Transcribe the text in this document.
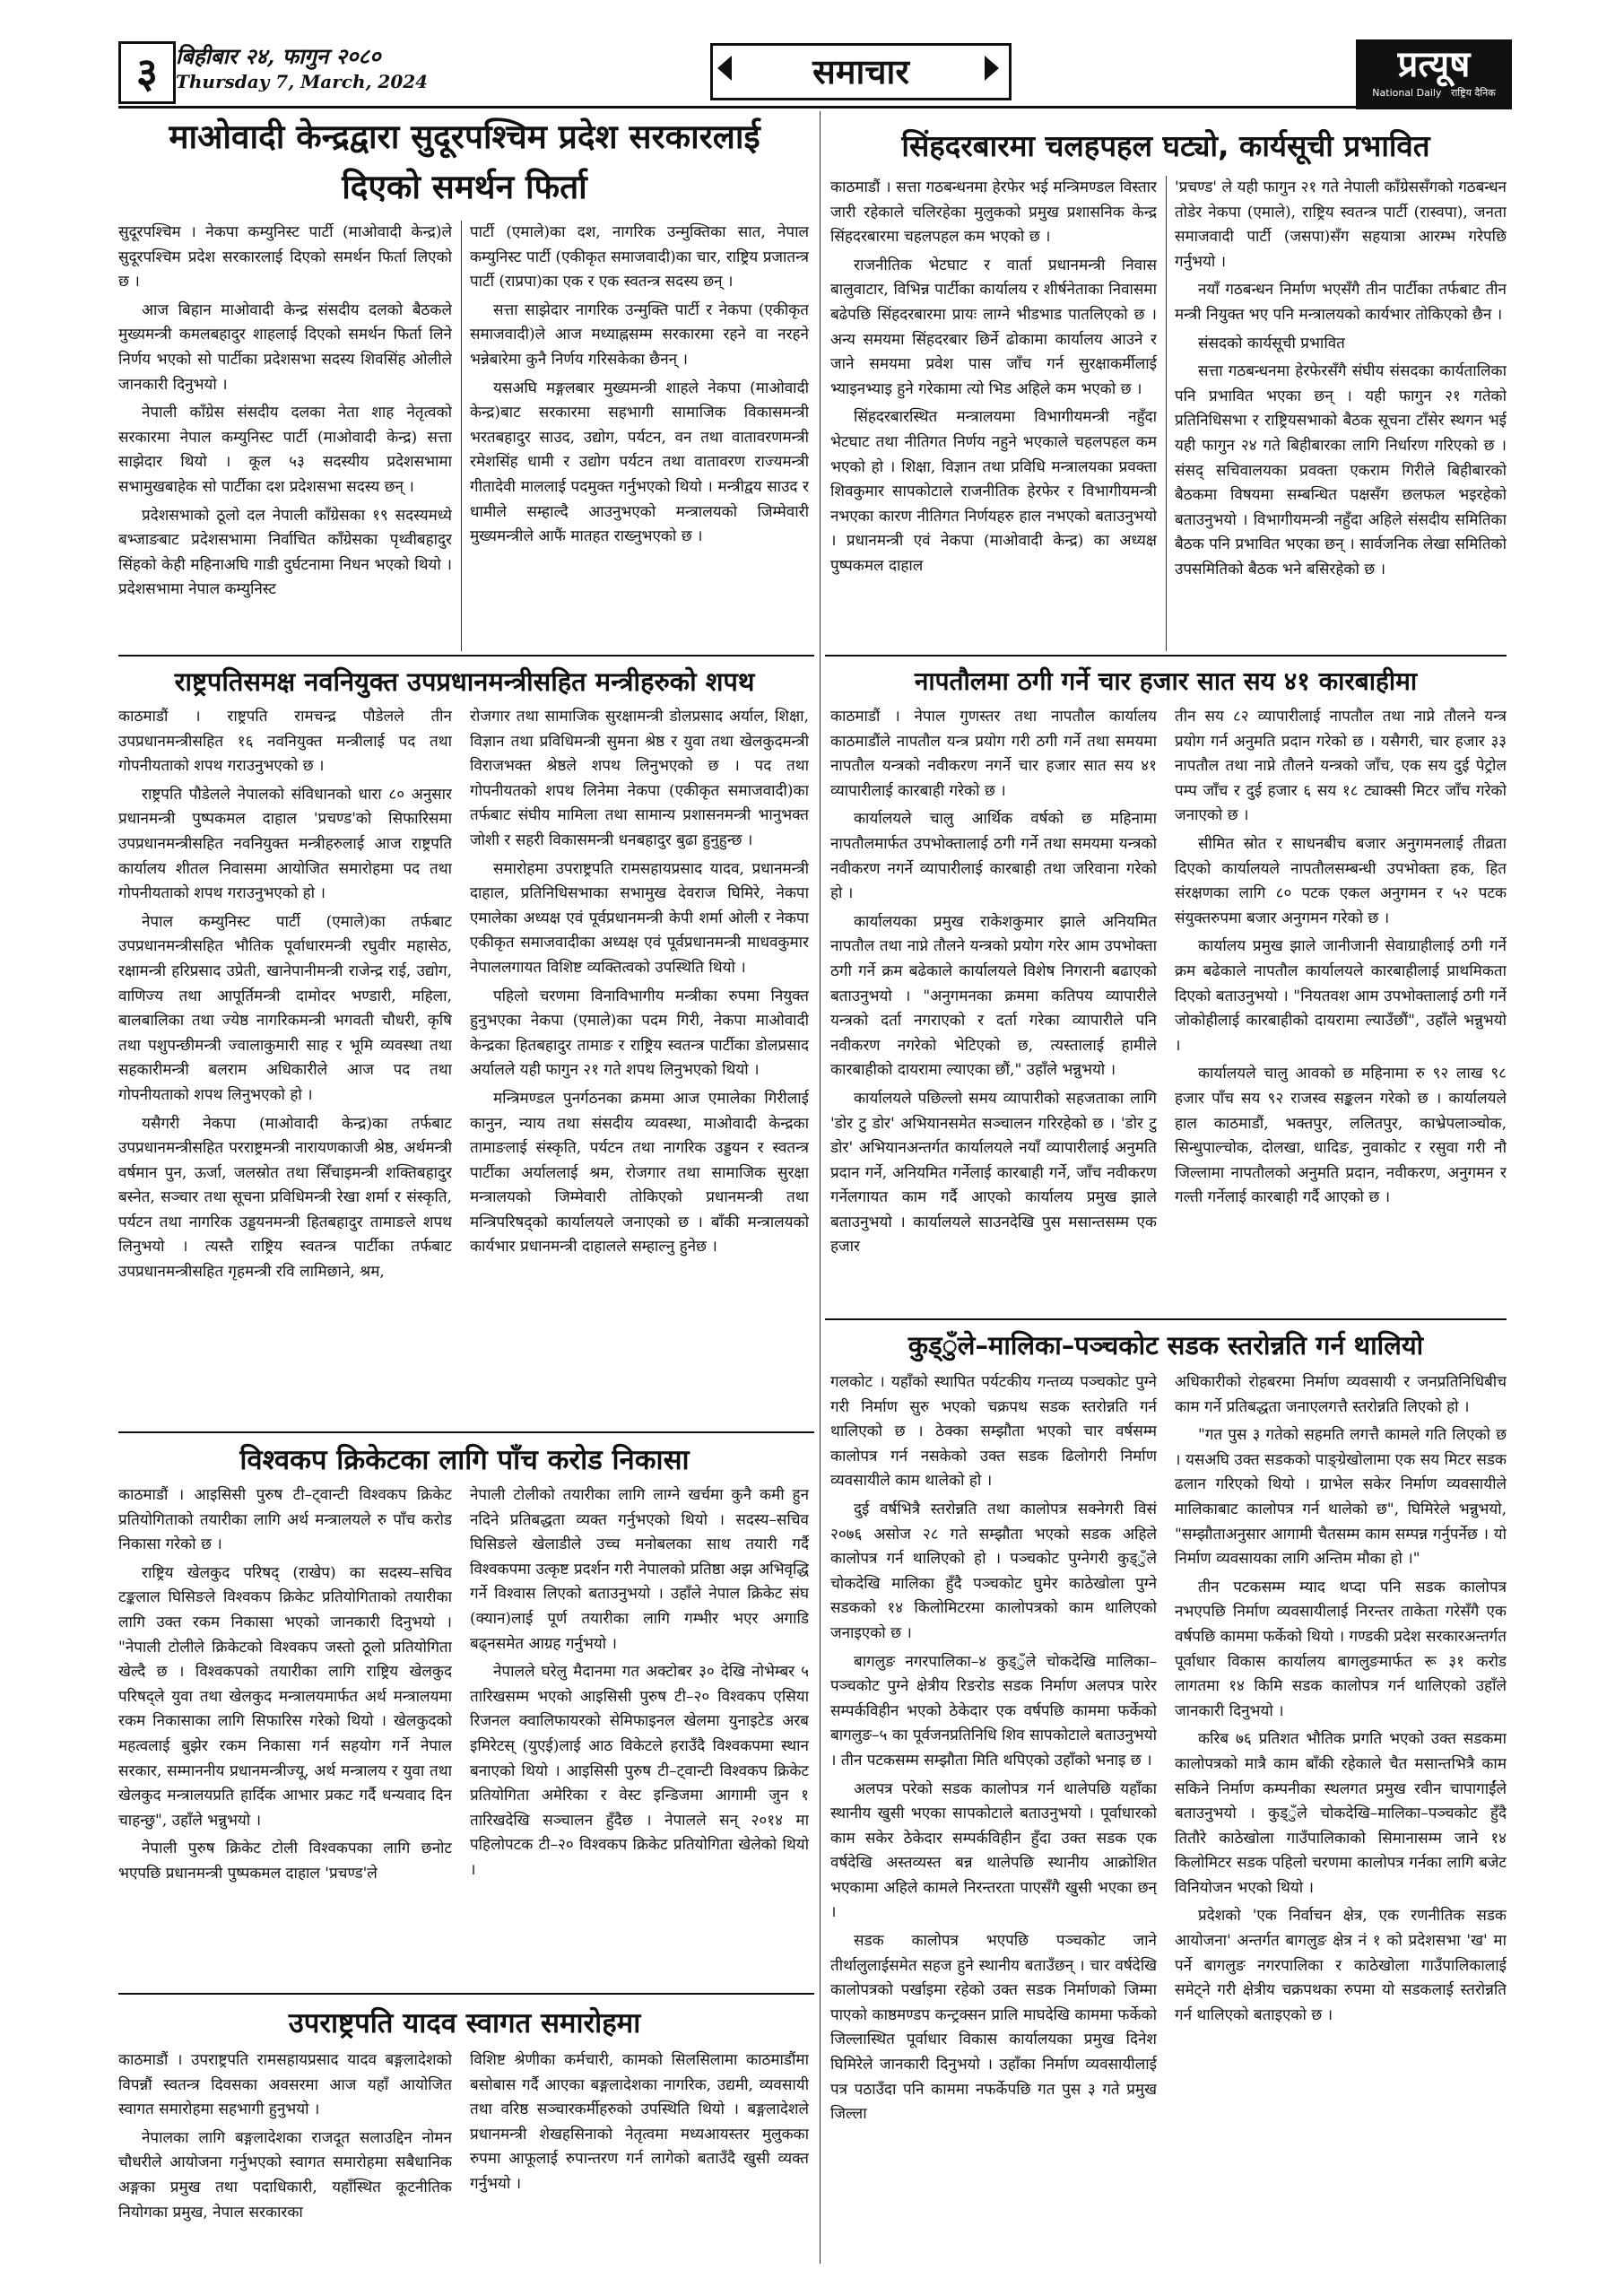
३ बिहीबार २४, फागुन २०८०
Thursday 7, March, 2024	समाचार	प्रत्यूष
National Daily राष्ट्रिय दैनिक
माओवादी केन्द्रद्वारा सुदूरपश्चिम प्रदेश सरकारलाई
दिएको समर्थन फिर्ता

सुदूरपश्चिम । नेकपा कम्युनिस्ट पार्टी (माओवादी केन्द्र)ले सुदूरपश्चिम प्रदेश सरकारलाई दिएको समर्थन फिर्ता लिएको छ ।

आज बिहान माओवादी केन्द्र संसदीय दलको बैठकले मुख्यमन्त्री कमलबहादुर शाहलाई दिएको समर्थन फिर्ता लिने निर्णय भएको सो पार्टीका प्रदेशसभा सदस्य शिवसिंह ओलीले जानकारी दिनुभयो ।

नेपाली काँग्रेस संसदीय दलका नेता शाह नेतृत्वको सरकारमा नेपाल कम्युनिस्ट पार्टी (माओवादी केन्द्र) सत्ता साझेदार थियो । कूल ५३ सदस्यीय प्रदेशसभामा सभामुखबाहेक सो पार्टीका दश प्रदेशसभा सदस्य छन् ।

प्रदेशसभाको ठूलो दल नेपाली काँग्रेसका १९ सदस्यमध्ये बभ्जाङबाट प्रदेशसभामा निर्वाचित काँग्रेसका पृथ्वीबहादुर सिंहको केही महिनाअघि गाडी दुर्घटनामा निधन भएको थियो । प्रदेशसभामा नेपाल कम्युनिस्ट

पार्टी (एमाले)का दश, नागरिक उन्मुक्तिका सात, नेपाल कम्युनिस्ट पार्टी (एकीकृत समाजवादी)का चार, राष्ट्रिय प्रजातन्त्र पार्टी (राप्रपा)का एक र एक स्वतन्त्र सदस्य छन् ।

सत्ता साझेदार नागरिक उन्मुक्ति पार्टी र नेकपा (एकीकृत समाजवादी)ले आज मध्याह्नसम्म सरकारमा रहने वा नरहने भन्नेबारेमा कुनै निर्णय गरिसकेका छैनन् ।

यसअघि मङ्गलबार मुख्यमन्त्री शाहले नेकपा (माओवादी केन्द्र)बाट सरकारमा सहभागी सामाजिक विकासमन्त्री भरतबहादुर साउद, उद्योग, पर्यटन, वन तथा वातावरणमन्त्री रमेशसिंह धामी र उद्योग पर्यटन तथा वातावरण राज्यमन्त्री गीतादेवी माललाई पदमुक्त गर्नुभएको थियो । मन्त्रीद्वय साउद र धामीले सम्हाल्दै आउनुभएको मन्त्रालयको जिम्मेवारी मुख्यमन्त्रीले आफैं मातहत राख्नुभएको छ ।

सिंहदरबारमा चलहपहल घट्यो, कार्यसूची प्रभावित

काठमाडौं । सत्ता गठबन्धनमा हेरफेर भई मन्त्रिमण्डल विस्तार जारी रहेकाले चलिरहेका मुलुकको प्रमुख प्रशासनिक केन्द्र सिंहदरबारमा चहलपहल कम भएको छ ।

राजनीतिक भेटघाट र वार्ता प्रधानमन्त्री निवास बालुवाटार, विभिन्न पार्टीका कार्यालय र शीर्षनेताका निवासमा बढेपछि सिंहदरबारमा प्रायः लाग्ने भीडभाड पातलिएको छ । अन्य समयमा सिंहदरबार छिर्ने ढोकामा कार्यालय आउने र जाने समयमा प्रवेश पास जाँच गर्न सुरक्षाकर्मीलाई भ्याइनभ्याइ हुने गरेकामा त्यो भिड अहिले कम भएको छ ।

सिंहदरबारस्थित मन्त्रालयमा विभागीयमन्त्री नहुँदा भेटघाट तथा नीतिगत निर्णय नहुने भएकाले चहलपहल कम भएको हो । शिक्षा, विज्ञान तथा प्रविधि मन्त्रालयका प्रवक्ता शिवकुमार सापकोटाले राजनीतिक हेरफेर र विभागीयमन्त्री नभएका कारण नीतिगत निर्णयहरु हाल नभएको बताउनुभयो । प्रधानमन्त्री एवं नेकपा (माओवादी केन्द्र) का अध्यक्ष पुष्पकमल दाहाल

'प्रचण्ड' ले यही फागुन २१ गते नेपाली काँग्रेससँगको गठबन्धन तोडेर नेकपा (एमाले), राष्ट्रिय स्वतन्त्र पार्टी (रास्वपा), जनता समाजवादी पार्टी (जसपा)सँग सहयात्रा आरम्भ गरेपछि गर्नुभयो ।

नयाँ गठबन्धन निर्माण भएसँगै तीन पार्टीका तर्फबाट तीन मन्त्री नियुक्त भए पनि मन्त्रालयको कार्यभार तोकिएको छैन ।

संसदको कार्यसूची प्रभावित

सत्ता गठबन्धनमा हेरफेरसँगै संघीय संसदका कार्यतालिका पनि प्रभावित भएका छन् । यही फागुन २१ गतेको प्रतिनिधिसभा र राष्ट्रियसभाको बैठक सूचना टाँसेर स्थगन भई यही फागुन २४ गते बिहीबारका लागि निर्धारण गरिएको छ । संसद् सचिवालयका प्रवक्ता एकराम गिरीले बिहीबारको बैठकमा विषयमा सम्बन्धित पक्षसँग छलफल भइरहेको बताउनुभयो । विभागीयमन्त्री नहुँदा अहिले संसदीय समितिका बैठक पनि प्रभावित भएका छन् । सार्वजनिक लेखा समितिको उपसमितिको बैठक भने बसिरहेको छ ।

राष्ट्रपतिसमक्ष नवनियुक्त उपप्रधानमन्त्रीसहित मन्त्रीहरुको शपथ

काठमाडौं । राष्ट्रपति रामचन्द्र पौडेलले तीन उपप्रधानमन्त्रीसहित १६ नवनियुक्त मन्त्रीलाई पद तथा गोपनीयताको शपथ गराउनुभएको छ ।

राष्ट्रपति पौडेलले नेपालको संविधानको धारा ८० अनुसार प्रधानमन्त्री पुष्पकमल दाहाल 'प्रचण्ड'को सिफारिसमा उपप्रधानमन्त्रीसहित नवनियुक्त मन्त्रीहरुलाई आज राष्ट्रपति कार्यालय शीतल निवासमा आयोजित समारोहमा पद तथा गोपनीयताको शपथ गराउनुभएको हो ।

नेपाल कम्युनिस्ट पार्टी (एमाले)का तर्फबाट उपप्रधानमन्त्रीसहित भौतिक पूर्वाधारमन्त्री रघुवीर महासेठ, रक्षामन्त्री हरिप्रसाद उप्रेती, खानेपानीमन्त्री राजेन्द्र राई, उद्योग, वाणिज्य तथा आपूर्तिमन्त्री दामोदर भण्डारी, महिला, बालबालिका तथा ज्येष्ठ नागरिकमन्त्री भगवती चौधरी, कृषि तथा पशुपन्छीमन्त्री ज्वालाकुमारी साह र भूमि व्यवस्था तथा सहकारीमन्त्री बलराम अधिकारीले आज पद तथा गोपनीयताको शपथ लिनुभएको हो ।

यसैगरी नेकपा (माओवादी केन्द्र)का तर्फबाट उपप्रधानमन्त्रीसहित परराष्ट्रमन्त्री नारायणकाजी श्रेष्ठ, अर्थमन्त्री वर्षमान पुन, ऊर्जा, जलस्रोत तथा सिँचाइमन्त्री शक्तिबहादुर बस्नेत, सञ्चार तथा सूचना प्रविधिमन्त्री रेखा शर्मा र संस्कृति, पर्यटन तथा नागरिक उड्डयनमन्त्री हितबहादुर तामाङले शपथ लिनुभयो । त्यस्तै राष्ट्रिय स्वतन्त्र पार्टीका तर्फबाट उपप्रधानमन्त्रीसहित गृहमन्त्री रवि लामिछाने, श्रम,

रोजगार तथा सामाजिक सुरक्षामन्त्री डोलप्रसाद अर्याल, शिक्षा, विज्ञान तथा प्रविधिमन्त्री सुमना श्रेष्ठ र युवा तथा खेलकुदमन्त्री विराजभक्त श्रेष्ठले शपथ लिनुभएको छ । पद तथा गोपनीयतको शपथ लिनेमा नेकपा (एकीकृत समाजवादी)का तर्फबाट संघीय मामिला तथा सामान्य प्रशासनमन्त्री भानुभक्त जोशी र सहरी विकासमन्त्री धनबहादुर बुढा हुनुहुन्छ ।

समारोहमा उपराष्ट्रपति रामसहायप्रसाद यादव, प्रधानमन्त्री दाहाल, प्रतिनिधिसभाका सभामुख देवराज घिमिरे, नेकपा एमालेका अध्यक्ष एवं पूर्वप्रधानमन्त्री केपी शर्मा ओली र नेकपा एकीकृत समाजवादीका अध्यक्ष एवं पूर्वप्रधानमन्त्री माधवकुमार नेपाललगायत विशिष्ट व्यक्तित्वको उपस्थिति थियो ।

पहिलो चरणमा विनाविभागीय मन्त्रीका रुपमा नियुक्त हुनुभएका नेकपा (एमाले)का पदम गिरी, नेकपा माओवादी केन्द्रका हितबहादुर तामाङ र राष्ट्रिय स्वतन्त्र पार्टीका डोलप्रसाद अर्यालले यही फागुन २१ गते शपथ लिनुभएको थियो ।

मन्त्रिमण्डल पुनर्गठनका क्रममा आज एमालेका गिरीलाई कानुन, न्याय तथा संसदीय व्यवस्था, माओवादी केन्द्रका तामाङलाई संस्कृति, पर्यटन तथा नागरिक उड्डयन र स्वतन्त्र पार्टीका अर्याललाई श्रम, रोजगार तथा सामाजिक सुरक्षा मन्त्रालयको जिम्मेवारी तोकिएको प्रधानमन्त्री तथा मन्त्रिपरिषद्को कार्यालयले जनाएको छ । बाँकी मन्त्रालयको कार्यभार प्रधानमन्त्री दाहालले सम्हाल्नु हुनेछ ।

विश्वकप क्रिकेटका लागि पाँच करोड निकासा

काठमाडौं । आइसिसी पुरुष टी–ट्वान्टी विश्वकप क्रिकेट प्रतियोगिताको तयारीका लागि अर्थ मन्त्रालयले रु पाँच करोड निकासा गरेको छ ।

राष्ट्रिय खेलकुद परिषद् (राखेप) का सदस्य–सचिव टङ्कलाल घिसिङले विश्वकप क्रिकेट प्रतियोगिताको तयारीका लागि उक्त रकम निकासा भएको जानकारी दिनुभयो । "नेपाली टोलीले क्रिकेटको विश्वकप जस्तो ठूलो प्रतियोगिता खेल्दै छ । विश्वकपको तयारीका लागि राष्ट्रिय खेलकुद परिषद्ले युवा तथा खेलकुद मन्त्रालयमार्फत अर्थ मन्त्रालयमा रकम निकासाका लागि सिफारिस गरेको थियो । खेलकुदको महत्वलाई बुझेर रकम निकासा गर्न सहयोग गर्ने नेपाल सरकार, सम्माननीय प्रधानमन्त्रीज्यू, अर्थ मन्त्रालय र युवा तथा खेलकुद मन्त्रालयप्रति हार्दिक आभार प्रकट गर्दै धन्यवाद दिन चाहन्छु", उहाँले भन्नुभयो ।

नेपाली पुरुष क्रिकेट टोली विश्वकपका लागि छनोट भएपछि प्रधानमन्त्री पुष्पकमल दाहाल 'प्रचण्ड'ले

नेपाली टोलीको तयारीका लागि लाग्ने खर्चमा कुनै कमी हुन नदिने प्रतिबद्धता व्यक्त गर्नुभएको थियो । सदस्य–सचिव घिसिङले खेलाडीले उच्च मनोबलका साथ तयारी गर्दै विश्वकपमा उत्कृष्ट प्रदर्शन गरी नेपालको प्रतिष्ठा अझ अभिवृद्धि गर्ने विश्वास लिएको बताउनुभयो । उहाँले नेपाल क्रिकेट संघ (क्यान)लाई पूर्ण तयारीका लागि गम्भीर भएर अगाडि बढ्नसमेत आग्रह गर्नुभयो ।

नेपालले घरेलु मैदानमा गत अक्टोबर ३० देखि नोभेम्बर ५ तारिखसम्म भएको आइसिसी पुरुष टी–२० विश्वकप एसिया रिजनल क्वालिफायरको सेमिफाइनल खेलमा युनाइटेड अरब इमिरेटस् (युएई)लाई आठ विकेटले हराउँदै विश्वकपमा स्थान बनाएको थियो । आइसिसी पुरुष टी–ट्वान्टी विश्वकप क्रिकेट प्रतियोगिता अमेरिका र वेस्ट इन्डिजमा आगामी जुन १ तारिखदेखि सञ्चालन हुँदैछ । नेपालले सन् २०१४ मा पहिलोपटक टी–२० विश्वकप क्रिकेट प्रतियोगिता खेलेको थियो ।

उपराष्ट्रपति यादव स्वागत समारोहमा

काठमाडौं । उपराष्ट्रपति रामसहायप्रसाद यादव बङ्गलादेशको विपन्नौं स्वतन्त्र दिवसका अवसरमा आज यहाँ आयोजित स्वागत समारोहमा सहभागी हुनुभयो ।

नेपालका लागि बङ्गलादेशका राजदूत सलाउद्दिन नोमन चौधरीले आयोजना गर्नुभएको स्वागत समारोहमा सबैधानिक अङ्गका प्रमुख तथा पदाधिकारी, यहाँस्थित कूटनीतिक नियोगका प्रमुख, नेपाल सरकारका

विशिष्ट श्रेणीका कर्मचारी, कामको सिलसिलामा काठमाडौंमा बसोबास गर्दै आएका बङ्गलादेशका नागरिक, उद्यमी, व्यवसायी तथा वरिष्ठ सञ्चारकर्मीहरुको उपस्थिति थियो । बङ्गलादेशले प्रधानमन्त्री शेखहसिनाको नेतृत्वमा मध्यआयस्तर मुलुकका रुपमा आफूलाई रुपान्तरण गर्न लागेको बताउँदै खुसी व्यक्त गर्नुभयो ।

नापतौलमा ठगी गर्ने चार हजार सात सय ४१ कारबाहीमा

काठमाडौं । नेपाल गुणस्तर तथा नापतौल कार्यालय काठमाडौंले नापतौल यन्त्र प्रयोग गरी ठगी गर्ने तथा समयमा नापतौल यन्त्रको नवीकरण नगर्ने चार हजार सात सय ४१ व्यापारीलाई कारबाही गरेको छ ।

कार्यालयले चालु आर्थिक वर्षको छ महिनामा नापतौलमार्फत उपभोक्तालाई ठगी गर्ने तथा समयमा यन्त्रको नवीकरण नगर्ने व्यापारीलाई कारबाही तथा जरिवाना गरेको हो ।

कार्यालयका प्रमुख राकेशकुमार झाले अनियमित नापतौल तथा नाप्ने तौलने यन्त्रको प्रयोग गरेर आम उपभोक्ता ठगी गर्ने क्रम बढेकाले कार्यालयले विशेष निगरानी बढाएको बताउनुभयो । "अनुगमनका क्रममा कतिपय व्यापारीले यन्त्रको दर्ता नगराएको र दर्ता गरेका व्यापारीले पनि नवीकरण नगरेको भेटिएको छ, त्यस्तालाई हामीले कारबाहीको दायरामा ल्याएका छौं," उहाँले भन्नुभयो ।

कार्यालयले पछिल्लो समय व्यापारीको सहजताका लागि 'डोर टु डोर' अभियानसमेत सञ्चालन गरिरहेको छ । 'डोर टु डोर' अभियानअन्तर्गत कार्यालयले नयाँ व्यापारीलाई अनुमति प्रदान गर्ने, अनियमित गर्नेलाई कारबाही गर्ने, जाँच नवीकरण गर्नेलगायत काम गर्दै आएको कार्यालय प्रमुख झाले बताउनुभयो । कार्यालयले साउनदेखि पुस मसान्तसम्म एक हजार

तीन सय ८२ व्यापारीलाई नापतौल तथा नाप्ने तौलने यन्त्र प्रयोग गर्न अनुमति प्रदान गरेको छ । यसैगरी, चार हजार ३३ नापतौल तथा नाप्ने तौलने यन्त्रको जाँच, एक सय दुई पेट्रोल पम्प जाँच र दुई हजार ६ सय १८ ट्याक्सी मिटर जाँच गरेको जनाएको छ ।

सीमित स्रोत र साधनबीच बजार अनुगमनलाई तीव्रता दिएको कार्यालयले नापतौलसम्बन्धी उपभोक्ता हक, हित संरक्षणका लागि ८० पटक एकल अनुगमन र ५२ पटक संयुक्तरुपमा बजार अनुगमन गरेको छ ।

कार्यालय प्रमुख झाले जानीजानी सेवाग्राहीलाई ठगी गर्ने क्रम बढेकाले नापतौल कार्यालयले कारबाहीलाई प्राथमिकता दिएको बताउनुभयो । "नियतवश आम उपभोक्तालाई ठगी गर्ने जोकोहीलाई कारबाहीको दायरामा ल्याउँछौं", उहाँले भन्नुभयो ।

कार्यालयले चालु आवको छ महिनामा रु ९२ लाख ९८ हजार पाँच सय ९२ राजस्व सङ्कलन गरेको छ । कार्यालयले हाल काठमाडौं, भक्तपुर, ललितपुर, काभ्रेपलाञ्चोक, सिन्धुपाल्चोक, दोलखा, धादिङ, नुवाकोट र रसुवा गरी नौ जिल्लामा नापतौलको अनुमति प्रदान, नवीकरण, अनुगमन र गल्ती गर्नेलाई कारबाही गर्दै आएको छ ।

कुड्ुँले–मालिका–पञ्चकोट सडक स्तरोन्नति गर्न थालियो

गलकोट । यहाँको स्थापित पर्यटकीय गन्तव्य पञ्चकोट पुग्ने गरी निर्माण सुरु भएको चक्रपथ सडक स्तरोन्नति गर्न थालिएको छ । ठेक्का सम्झौता भएको चार वर्षसम्म कालोपत्र गर्न नसकेको उक्त सडक ढिलोगरी निर्माण व्यवसायीले काम थालेको हो ।

दुई वर्षभित्रै स्तरोन्नति तथा कालोपत्र सक्नेगरी विसं २०७६ असोज २८ गते सम्झौता भएको सडक अहिले कालोपत्र गर्न थालिएको हो । पञ्चकोट पुग्नेगरी कुड्ुँले चोकदेखि मालिका हुँदै पञ्चकोट घुमेर काठेखोला पुग्ने सडकको १४ किलोमिटरमा कालोपत्रको काम थालिएको जनाइएको छ ।

बागलुङ नगरपालिका–४ कुड्ुँले चोकदेखि मालिका–पञ्चकोट पुग्ने क्षेत्रीय रिङरोड सडक निर्माण अलपत्र पारेर सम्पर्कविहीन भएको ठेकेदार एक वर्षपछि काममा फर्केको बागलुङ–५ का पूर्वजनप्रतिनिधि शिव सापकोटाले बताउनुभयो । तीन पटकसम्म सम्झौता मिति थपिएको उहाँको भनाइ छ ।

अलपत्र परेको सडक कालोपत्र गर्न थालेपछि यहाँका स्थानीय खुसी भएका सापकोटाले बताउनुभयो । पूर्वाधारको काम सकेर ठेकेदार सम्पर्कविहीन हुँदा उक्त सडक एक वर्षदेखि अस्तव्यस्त बन्न थालेपछि स्थानीय आक्रोशित भएकामा अहिले कामले निरन्तरता पाएसँगै खुसी भएका छन् ।

सडक कालोपत्र भएपछि पञ्चकोट जाने तीर्थालुलाईसमेत सहज हुने स्थानीय बताउँछन् । चार वर्षदेखि कालोपत्रको पर्खाइमा रहेको उक्त सडक निर्माणको जिम्मा पाएको काष्ठमण्डप कन्ट्रक्सन प्रालि माघदेखि काममा फर्केको जिल्लास्थित पूर्वाधार विकास कार्यालयका प्रमुख दिनेश घिमिरेले जानकारी दिनुभयो । उहाँका निर्माण व्यवसायीलाई पत्र पठाउँदा पनि काममा नफर्केपछि गत पुस ३ गते प्रमुख जिल्ला

अधिकारीको रोहबरमा निर्माण व्यवसायी र जनप्रतिनिधिबीच काम गर्ने प्रतिबद्धता जनाएलगत्तै स्तरोन्नति लिएको हो ।

"गत पुस ३ गतेको सहमति लगत्तै कामले गति लिएको छ । यसअघि उक्त सडकको पाङ्ग्रेखोलामा एक सय मिटर सडक ढलान गरिएको थियो । ग्राभेल सकेर निर्माण व्यवसायीले मालिकाबाट कालोपत्र गर्न थालेको छ", घिमिरेले भन्नुभयो, "सम्झौताअनुसार आगामी चैतसम्म काम सम्पन्न गर्नुपर्नेछ । यो निर्माण व्यवसायका लागि अन्तिम मौका हो ।"

तीन पटकसम्म म्याद थप्दा पनि सडक कालोपत्र नभएपछि निर्माण व्यवसायीलाई निरन्तर ताकेता गरेसँगै एक वर्षपछि काममा फर्केको थियो । गण्डकी प्रदेश सरकारअन्तर्गत पूर्वाधार विकास कार्यालय बागलुङमार्फत रू ३१ करोड लागतमा १४ किमि सडक कालोपत्र गर्न थालिएको उहाँले जानकारी दिनुभयो ।

करिब ७६ प्रतिशत भौतिक प्रगति भएको उक्त सडकमा कालोपत्रको मात्रै काम बाँकी रहेकाले चैत मसान्तभित्रै काम सकिने निर्माण कम्पनीका स्थलगत प्रमुख रवीन चापागाईंले बताउनुभयो । कुड्ुँले चोकदेखि–मालिका–पञ्चकोट हुँदै तितौरे काठेखोला गाउँपालिकाको सिमानासम्म जाने १४ किलोमिटर सडक पहिलो चरणमा कालोपत्र गर्नका लागि बजेट विनियोजन भएको थियो ।

प्रदेशको 'एक निर्वाचन क्षेत्र, एक रणनीतिक सडक आयोजना' अन्तर्गत बागलुङ क्षेत्र नं १ को प्रदेशसभा 'ख' मा पर्ने बागलुङ नगरपालिका र काठेखोला गाउँपालिकालाई समेट्ने गरी क्षेत्रीय चक्रपथका रुपमा यो सडकलाई स्तरोन्नति गर्न थालिएको बताइएको छ ।
